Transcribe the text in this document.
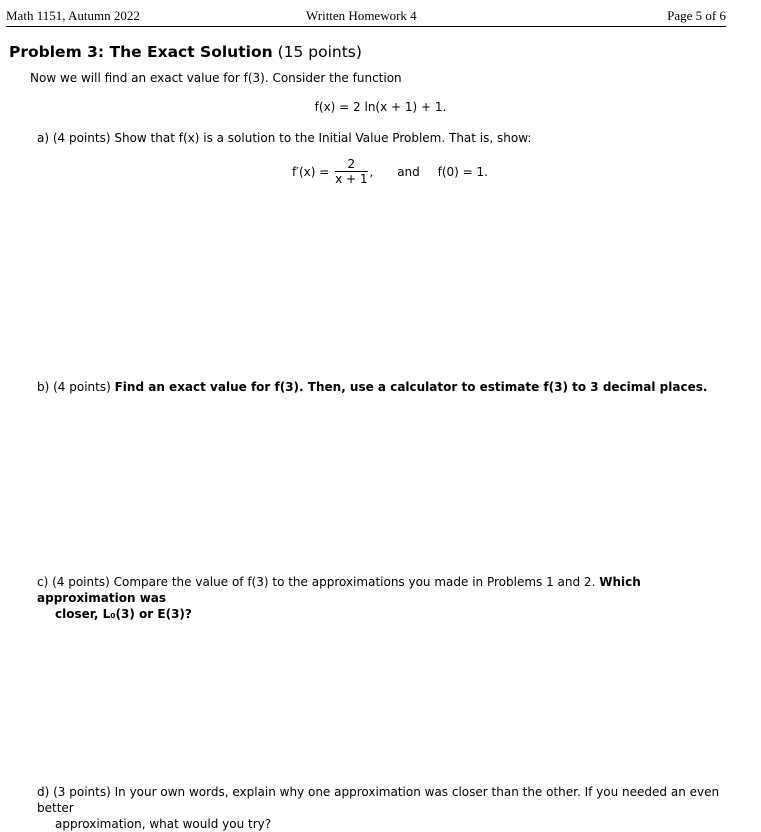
Math 1151, Autumn 2022	Written Homework 4	Page 5 of 6
Problem 3: The Exact Solution (15 points)
Now we will find an exact value for f(3). Consider the function
f(x) = 2 ln(x + 1) + 1.
a) (4 points) Show that f(x) is a solution to the Initial Value Problem. That is, show:
$f'(x) = \frac{2}{x + 1}$ , and f(0) = 1.
b) (4 points) Find an exact value for f(3). Then, use a calculator to estimate f(3) to 3 decimal places.
c) (4 points) Compare the value of f(3) to the approximations you made in Problems 1 and 2. Which approximation was
closer, L₀(3) or E(3)?
d) (3 points) In your own words, explain why one approximation was closer than the other. If you needed an even better
approximation, what would you try?
